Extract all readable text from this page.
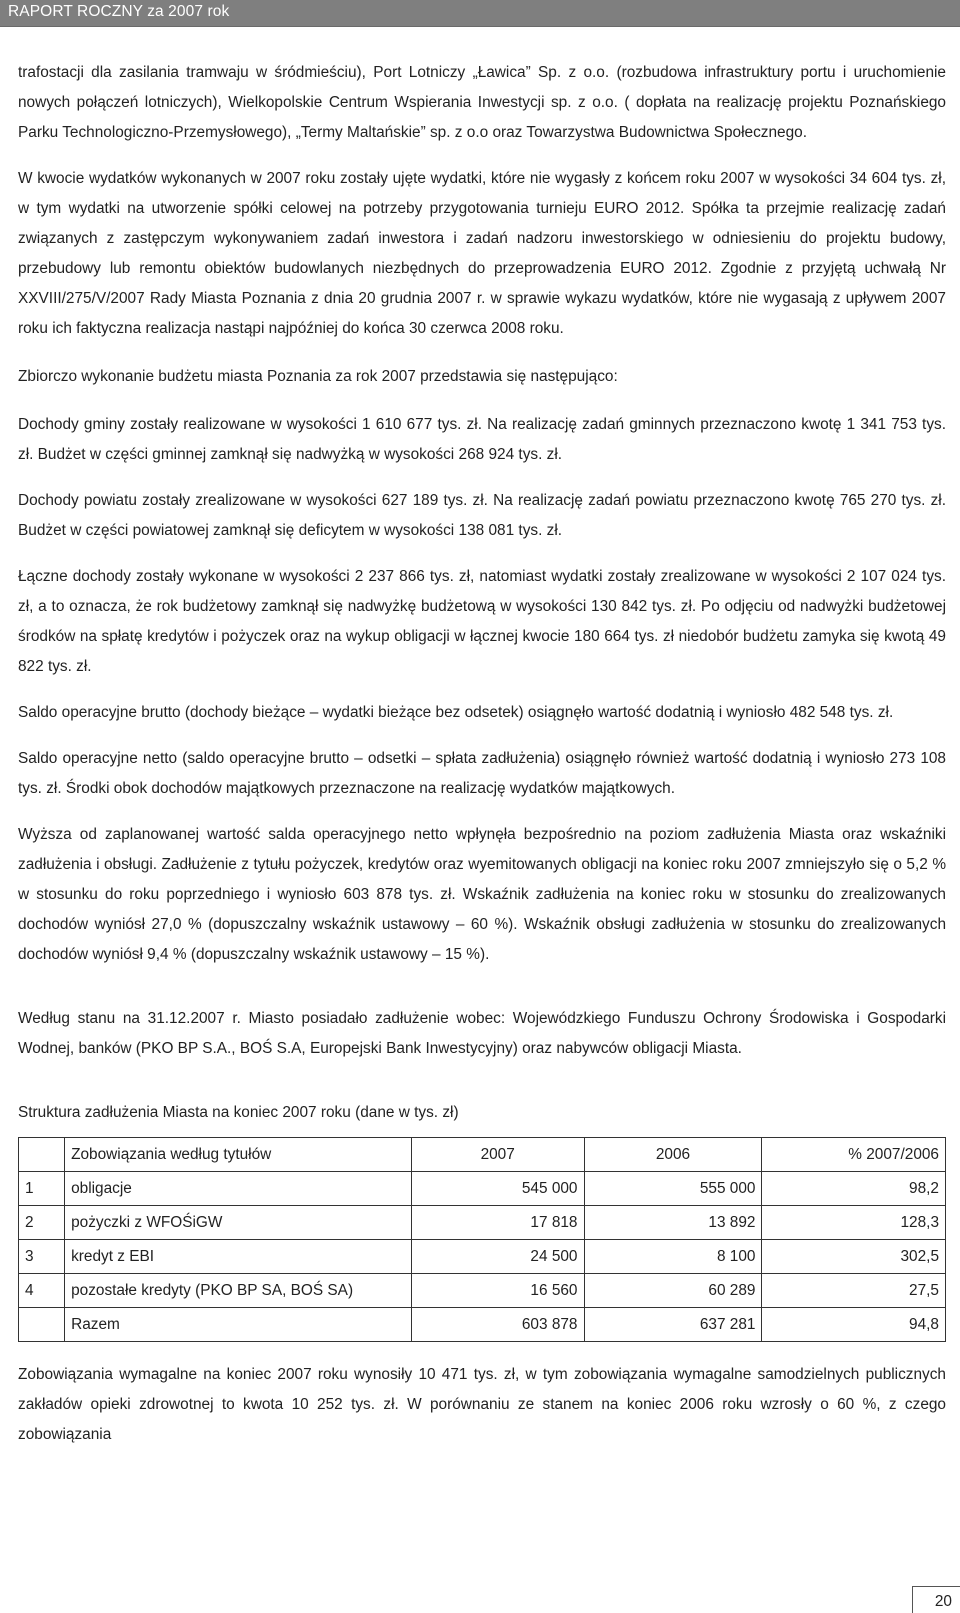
RAPORT ROCZNY za 2007 rok

trafostacji dla zasilania tramwaju w śródmieściu), Port Lotniczy „Ławica” Sp. z o.o. (rozbudowa infrastruktury portu i uruchomienie nowych połączeń lotniczych), Wielkopolskie Centrum Wspierania Inwestycji sp. z o.o. ( dopłata na realizację projektu Poznańskiego Parku Technologiczno-Przemysłowego), „Termy Maltańskie” sp. z o.o oraz Towarzystwa Budownictwa Społecznego.

W kwocie wydatków wykonanych w 2007 roku zostały ujęte wydatki, które nie wygasły z końcem roku 2007 w wysokości 34 604 tys. zł, w tym wydatki na utworzenie spółki celowej na potrzeby przygotowania turnieju EURO 2012. Spółka ta przejmie realizację zadań związanych z zastępczym wykonywaniem zadań inwestora i zadań nadzoru inwestorskiego w odniesieniu do projektu budowy, przebudowy lub remontu obiektów budowlanych niezbędnych do przeprowadzenia EURO 2012. Zgodnie z przyjętą uchwałą Nr XXVIII/275/V/2007 Rady Miasta Poznania z dnia 20 grudnia 2007 r. w sprawie wykazu wydatków, które nie wygasają z upływem 2007 roku ich faktyczna realizacja nastąpi najpóźniej do końca 30 czerwca 2008 roku.

Zbiorczo wykonanie budżetu miasta Poznania za rok 2007 przedstawia się następująco:

Dochody gminy zostały realizowane w wysokości 1 610 677 tys. zł. Na realizację zadań gminnych przeznaczono kwotę 1 341 753 tys. zł. Budżet w części gminnej zamknął się nadwyżką w wysokości 268 924 tys. zł.

Dochody powiatu zostały zrealizowane w wysokości 627 189 tys. zł. Na realizację zadań powiatu przeznaczono kwotę 765 270 tys. zł. Budżet w części powiatowej zamknął się deficytem w wysokości 138 081 tys. zł.

Łączne dochody zostały wykonane w wysokości 2 237 866 tys. zł, natomiast wydatki zostały zrealizowane w wysokości 2 107 024 tys. zł, a to oznacza, że rok budżetowy zamknął się nadwyżkę budżetową w wysokości 130 842 tys. zł. Po odjęciu od nadwyżki budżetowej środków na spłatę kredytów i pożyczek oraz na wykup obligacji w łącznej kwocie 180 664 tys. zł niedobór budżetu zamyka się kwotą 49 822 tys. zł.

Saldo operacyjne brutto (dochody bieżące – wydatki bieżące bez odsetek) osiągnęło wartość dodatnią i wyniosło 482 548 tys. zł.

Saldo operacyjne netto (saldo operacyjne brutto – odsetki – spłata zadłużenia) osiągnęło również wartość dodatnią i wyniosło 273 108 tys. zł. Środki obok dochodów majątkowych przeznaczone na realizację wydatków majątkowych.

Wyższa od zaplanowanej wartość salda operacyjnego netto wpłynęła bezpośrednio na poziom zadłużenia Miasta oraz wskaźniki zadłużenia i obsługi. Zadłużenie z tytułu pożyczek, kredytów oraz wyemitowanych obligacji na koniec roku 2007 zmniejszyło się o 5,2 % w stosunku do roku poprzedniego i wyniosło 603 878 tys. zł. Wskaźnik zadłużenia na koniec roku w stosunku do zrealizowanych dochodów wyniósł 27,0 % (dopuszczalny wskaźnik ustawowy – 60 %). Wskaźnik obsługi zadłużenia w stosunku do zrealizowanych dochodów wyniósł 9,4 % (dopuszczalny wskaźnik ustawowy – 15 %).

Według stanu na 31.12.2007 r. Miasto posiadało zadłużenie wobec: Wojewódzkiego Funduszu Ochrony Środowiska i Gospodarki Wodnej, banków (PKO BP S.A., BOŚ S.A, Europejski Bank Inwestycyjny) oraz nabywców obligacji Miasta.

Struktura zadłużenia Miasta na koniec 2007 roku (dane w tys. zł)

	Zobowiązania według tytułów	2007	2006	% 2007/2006
1	obligacje	545 000	555 000	98,2
2	pożyczki z WFOŚiGW	17 818	13 892	128,3
3	kredyt z EBI	24 500	8 100	302,5
4	pozostałe kredyty (PKO BP SA, BOŚ SA)	16 560	60 289	27,5
	Razem	603 878	637 281	94,8

Zobowiązania wymagalne na koniec 2007 roku wynosiły 10 471 tys. zł, w tym zobowiązania wymagalne samodzielnych publicznych zakładów opieki zdrowotnej to kwota 10 252 tys. zł. W porównaniu ze stanem na koniec 2006 roku wzrosły o 60 %, z czego zobowiązania

20
